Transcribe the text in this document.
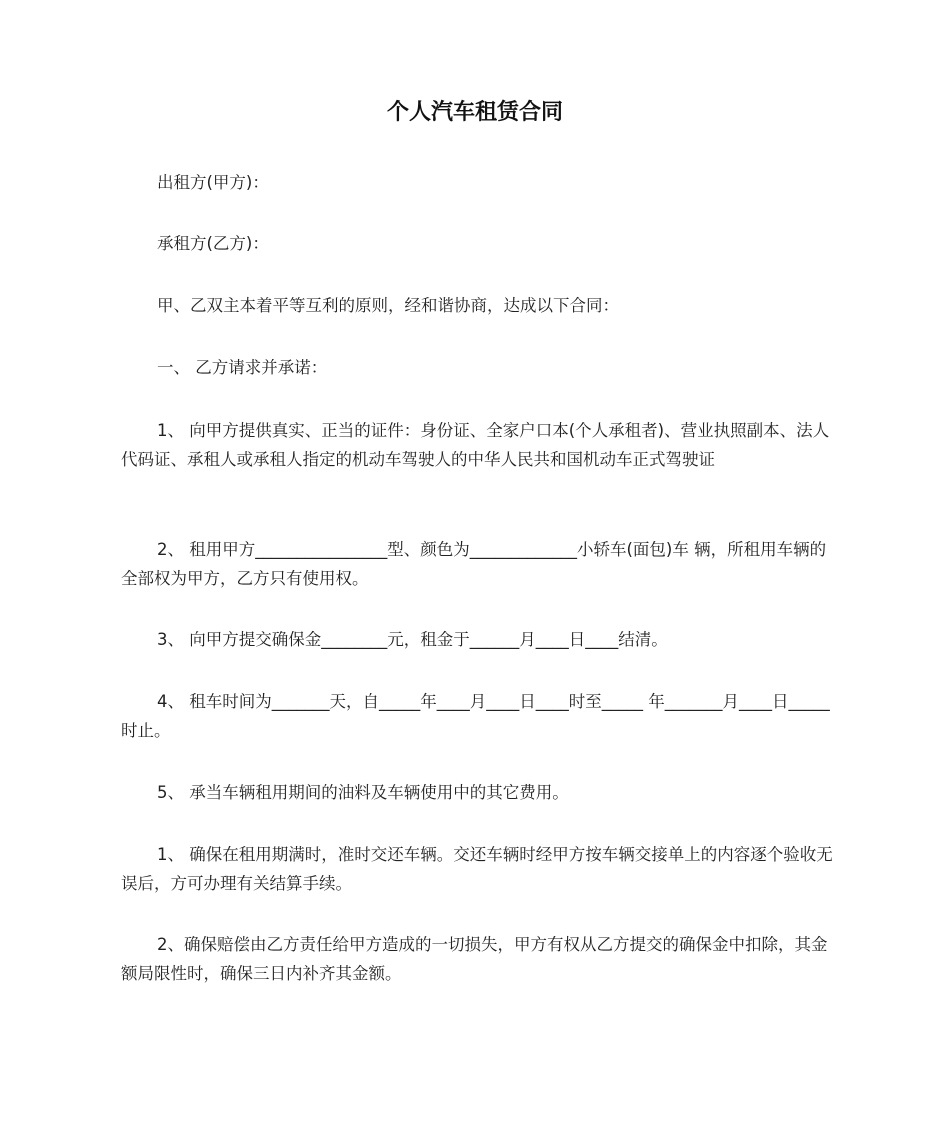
个人汽车租赁合同

出租方(甲方)：

承租方(乙方)：

甲、乙双主本着平等互利的原则，经和谐协商，达成以下合同：

一、 乙方请求并承诺：

1、 向甲方提供真实、正当的证件：身份证、全家户口本(个人承租者)、营业执照副本、法人代码证、承租人或承租人指定的机动车驾驶人的中华人民共和国机动车正式驾驶证

2、 租用甲方________________型、颜色为_____________小轿车(面包)车 辆，所租用车辆的全部权为甲方，乙方只有使用权。

3、 向甲方提交确保金________元，租金于______月____日____结清。

4、 租车时间为_______天，自_____年____月____日____时至_____ 年_______月____日_____时止。

5、 承当车辆租用期间的油料及车辆使用中的其它费用。

1、 确保在租用期满时，准时交还车辆。交还车辆时经甲方按车辆交接单上的内容逐个验收无误后，方可办理有关结算手续。

2、确保赔偿由乙方责任给甲方造成的一切损失，甲方有权从乙方提交的确保金中扣除，其金额局限性时，确保三日内补齐其金额。
